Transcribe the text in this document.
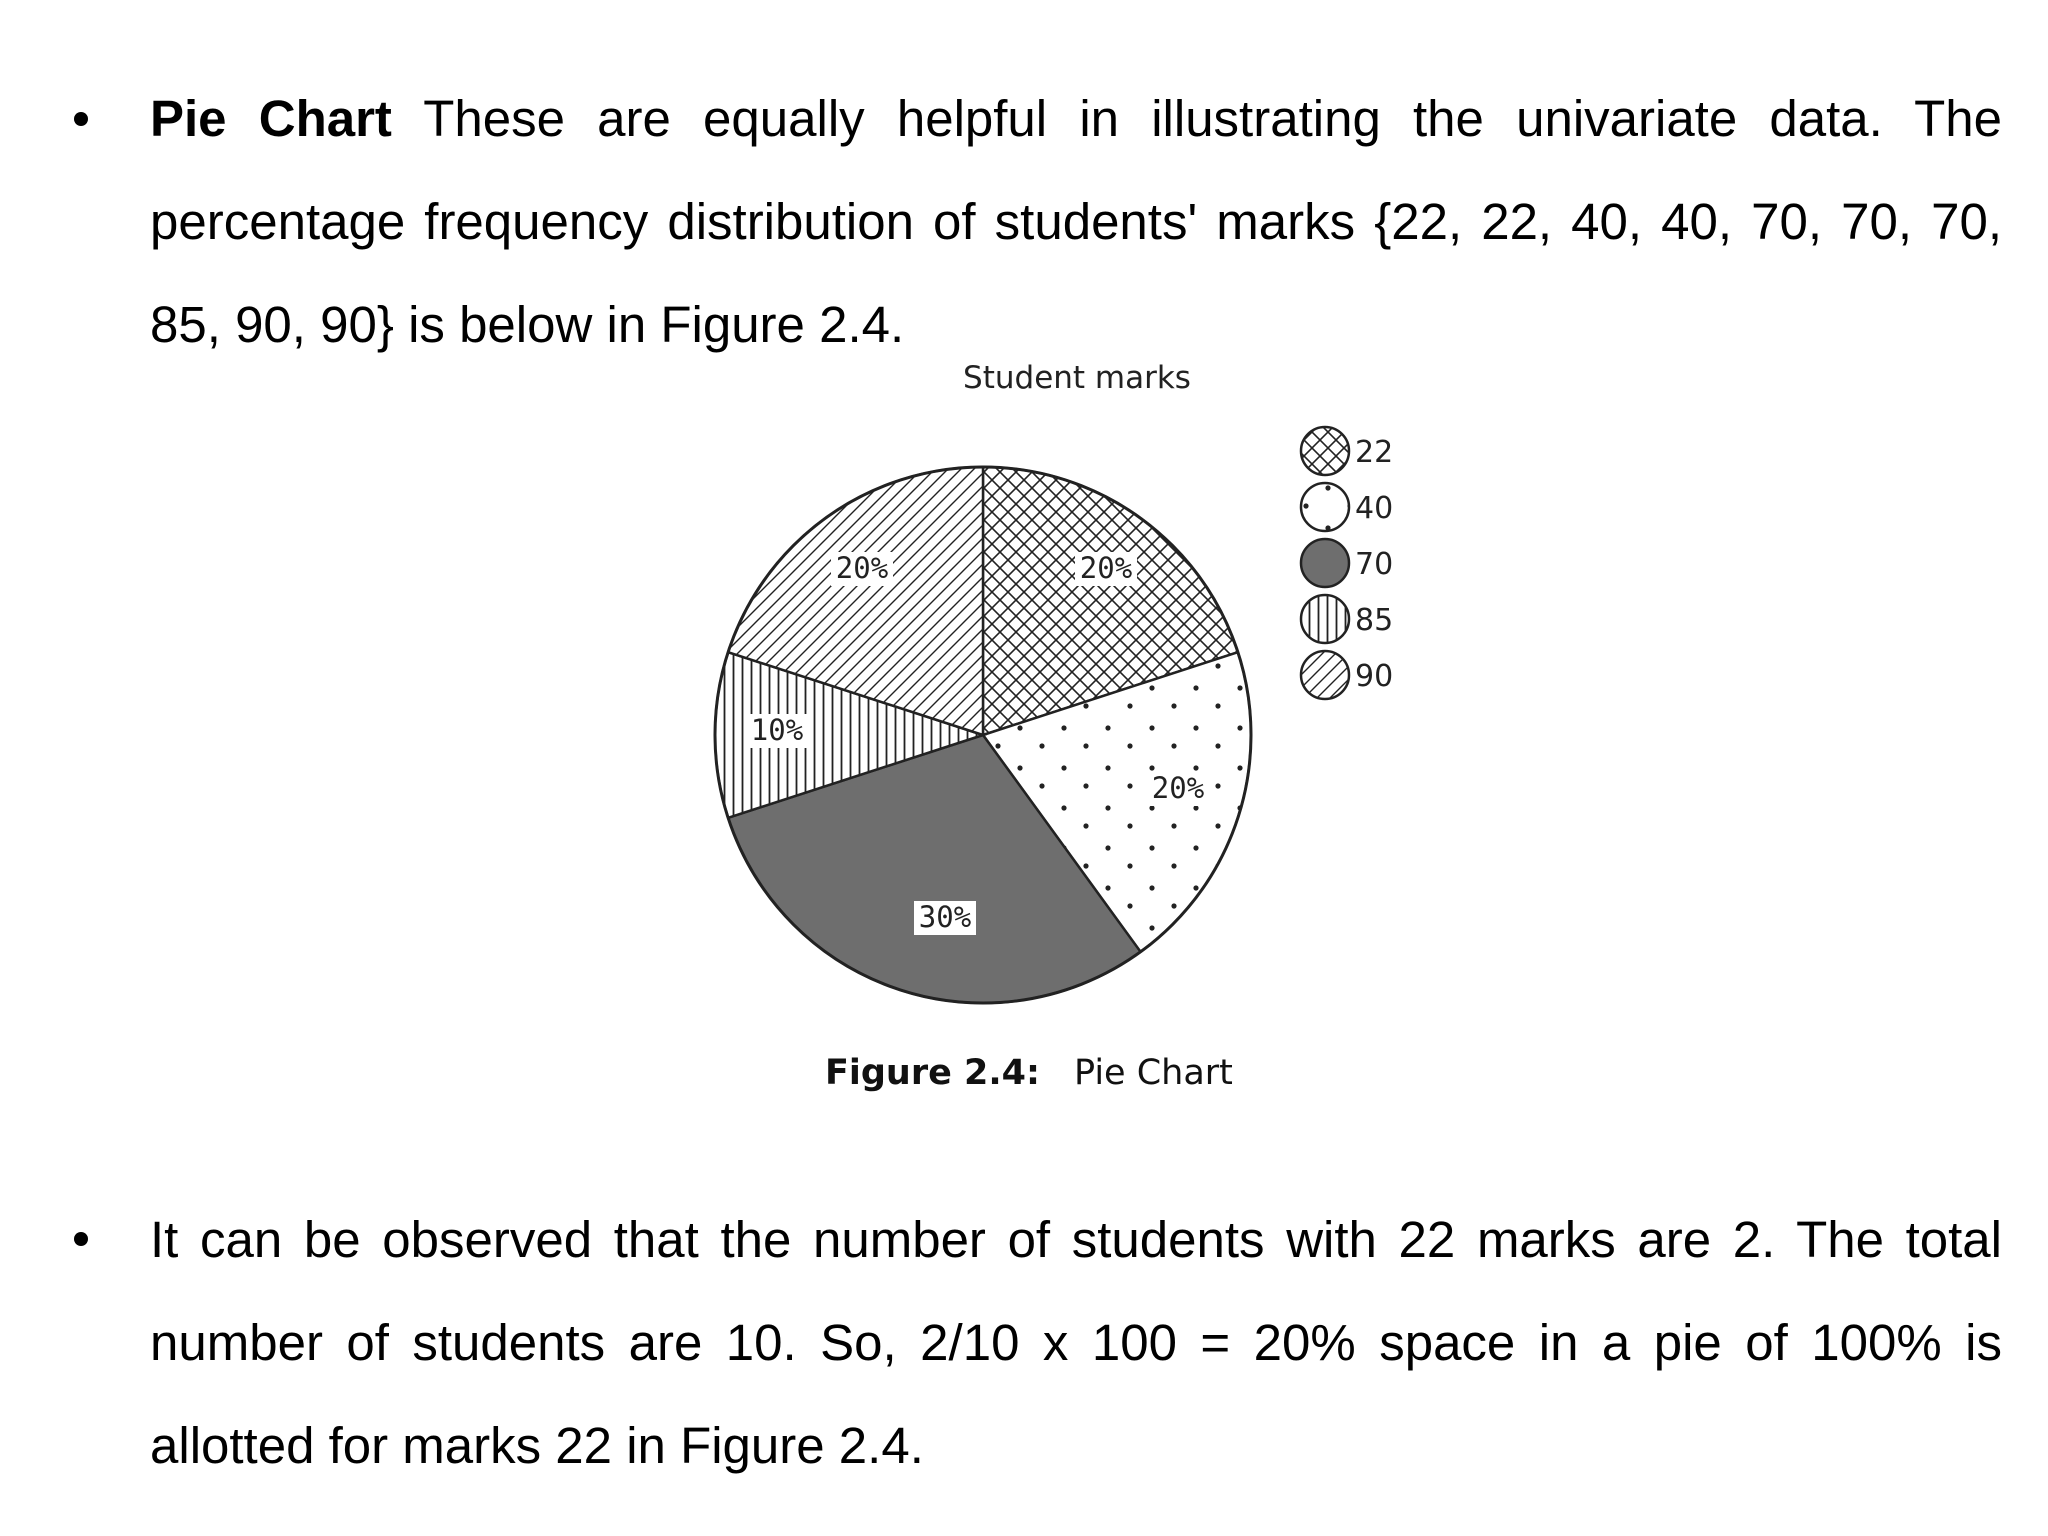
Pie Chart These are equally helpful in illustrating the univariate data. The percentage frequency distribution of students' marks {22, 22, 40, 40, 70, 70, 70, 85, 90, 90} is below in Figure 2.4.

Student marks
20%
20%
30%
10%
20%
22
40
70
85
90
Figure 2.4: Pie Chart

It can be observed that the number of students with 22 marks are 2. The total number of students are 10. So, 2/10 x 100 = 20% space in a pie of 100% is allotted for marks 22 in Figure 2.4.
